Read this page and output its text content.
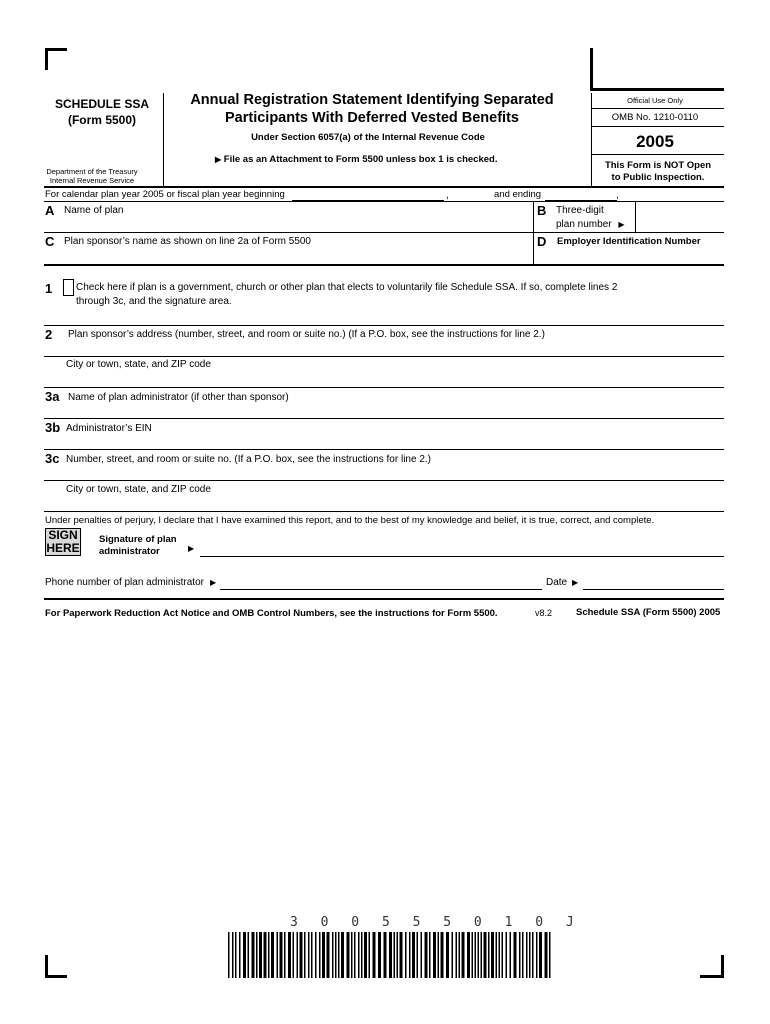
SCHEDULE SSA
(Form 5500)
Department of the Treasury
Internal Revenue Service
Annual Registration Statement Identifying Separated
Participants With Deferred Vested Benefits
Under Section 6057(a) of the Internal Revenue Code
▶ File as an Attachment to Form 5500 unless box 1 is checked.
Official Use Only
OMB No. 1210-0110
2005
This Form is NOT Open
to Public Inspection.
For calendar plan year 2005 or fiscal plan year beginning	,	and ending	,
A Name of plan	B Three-digit
plan number ▶
C Plan sponsor’s name as shown on line 2a of Form 5500	D Employer Identification Number
1 Check here if plan is a government, church or other plan that elects to voluntarily file Schedule SSA. If so, complete lines 2
through 3c, and the signature area.
2 Plan sponsor’s address (number, street, and room or suite no.) (If a P.O. box, see the instructions for line 2.)
City or town, state, and ZIP code
3a Name of plan administrator (if other than sponsor)
3b Administrator’s EIN
3c Number, street, and room or suite no. (If a P.O. box, see the instructions for line 2.)
City or town, state, and ZIP code
Under penalties of perjury, I declare that I have examined this report, and to the best of my knowledge and belief, it is true, correct, and complete.
SIGN
HERE
Signature of plan
administrator	▶
Phone number of plan administrator ▶	Date ▶
For Paperwork Reduction Act Notice and OMB Control Numbers, see the instructions for Form 5500.	v8.2	Schedule SSA (Form 5500) 2005
3 0 0 5 5 5 0 1 0 J
